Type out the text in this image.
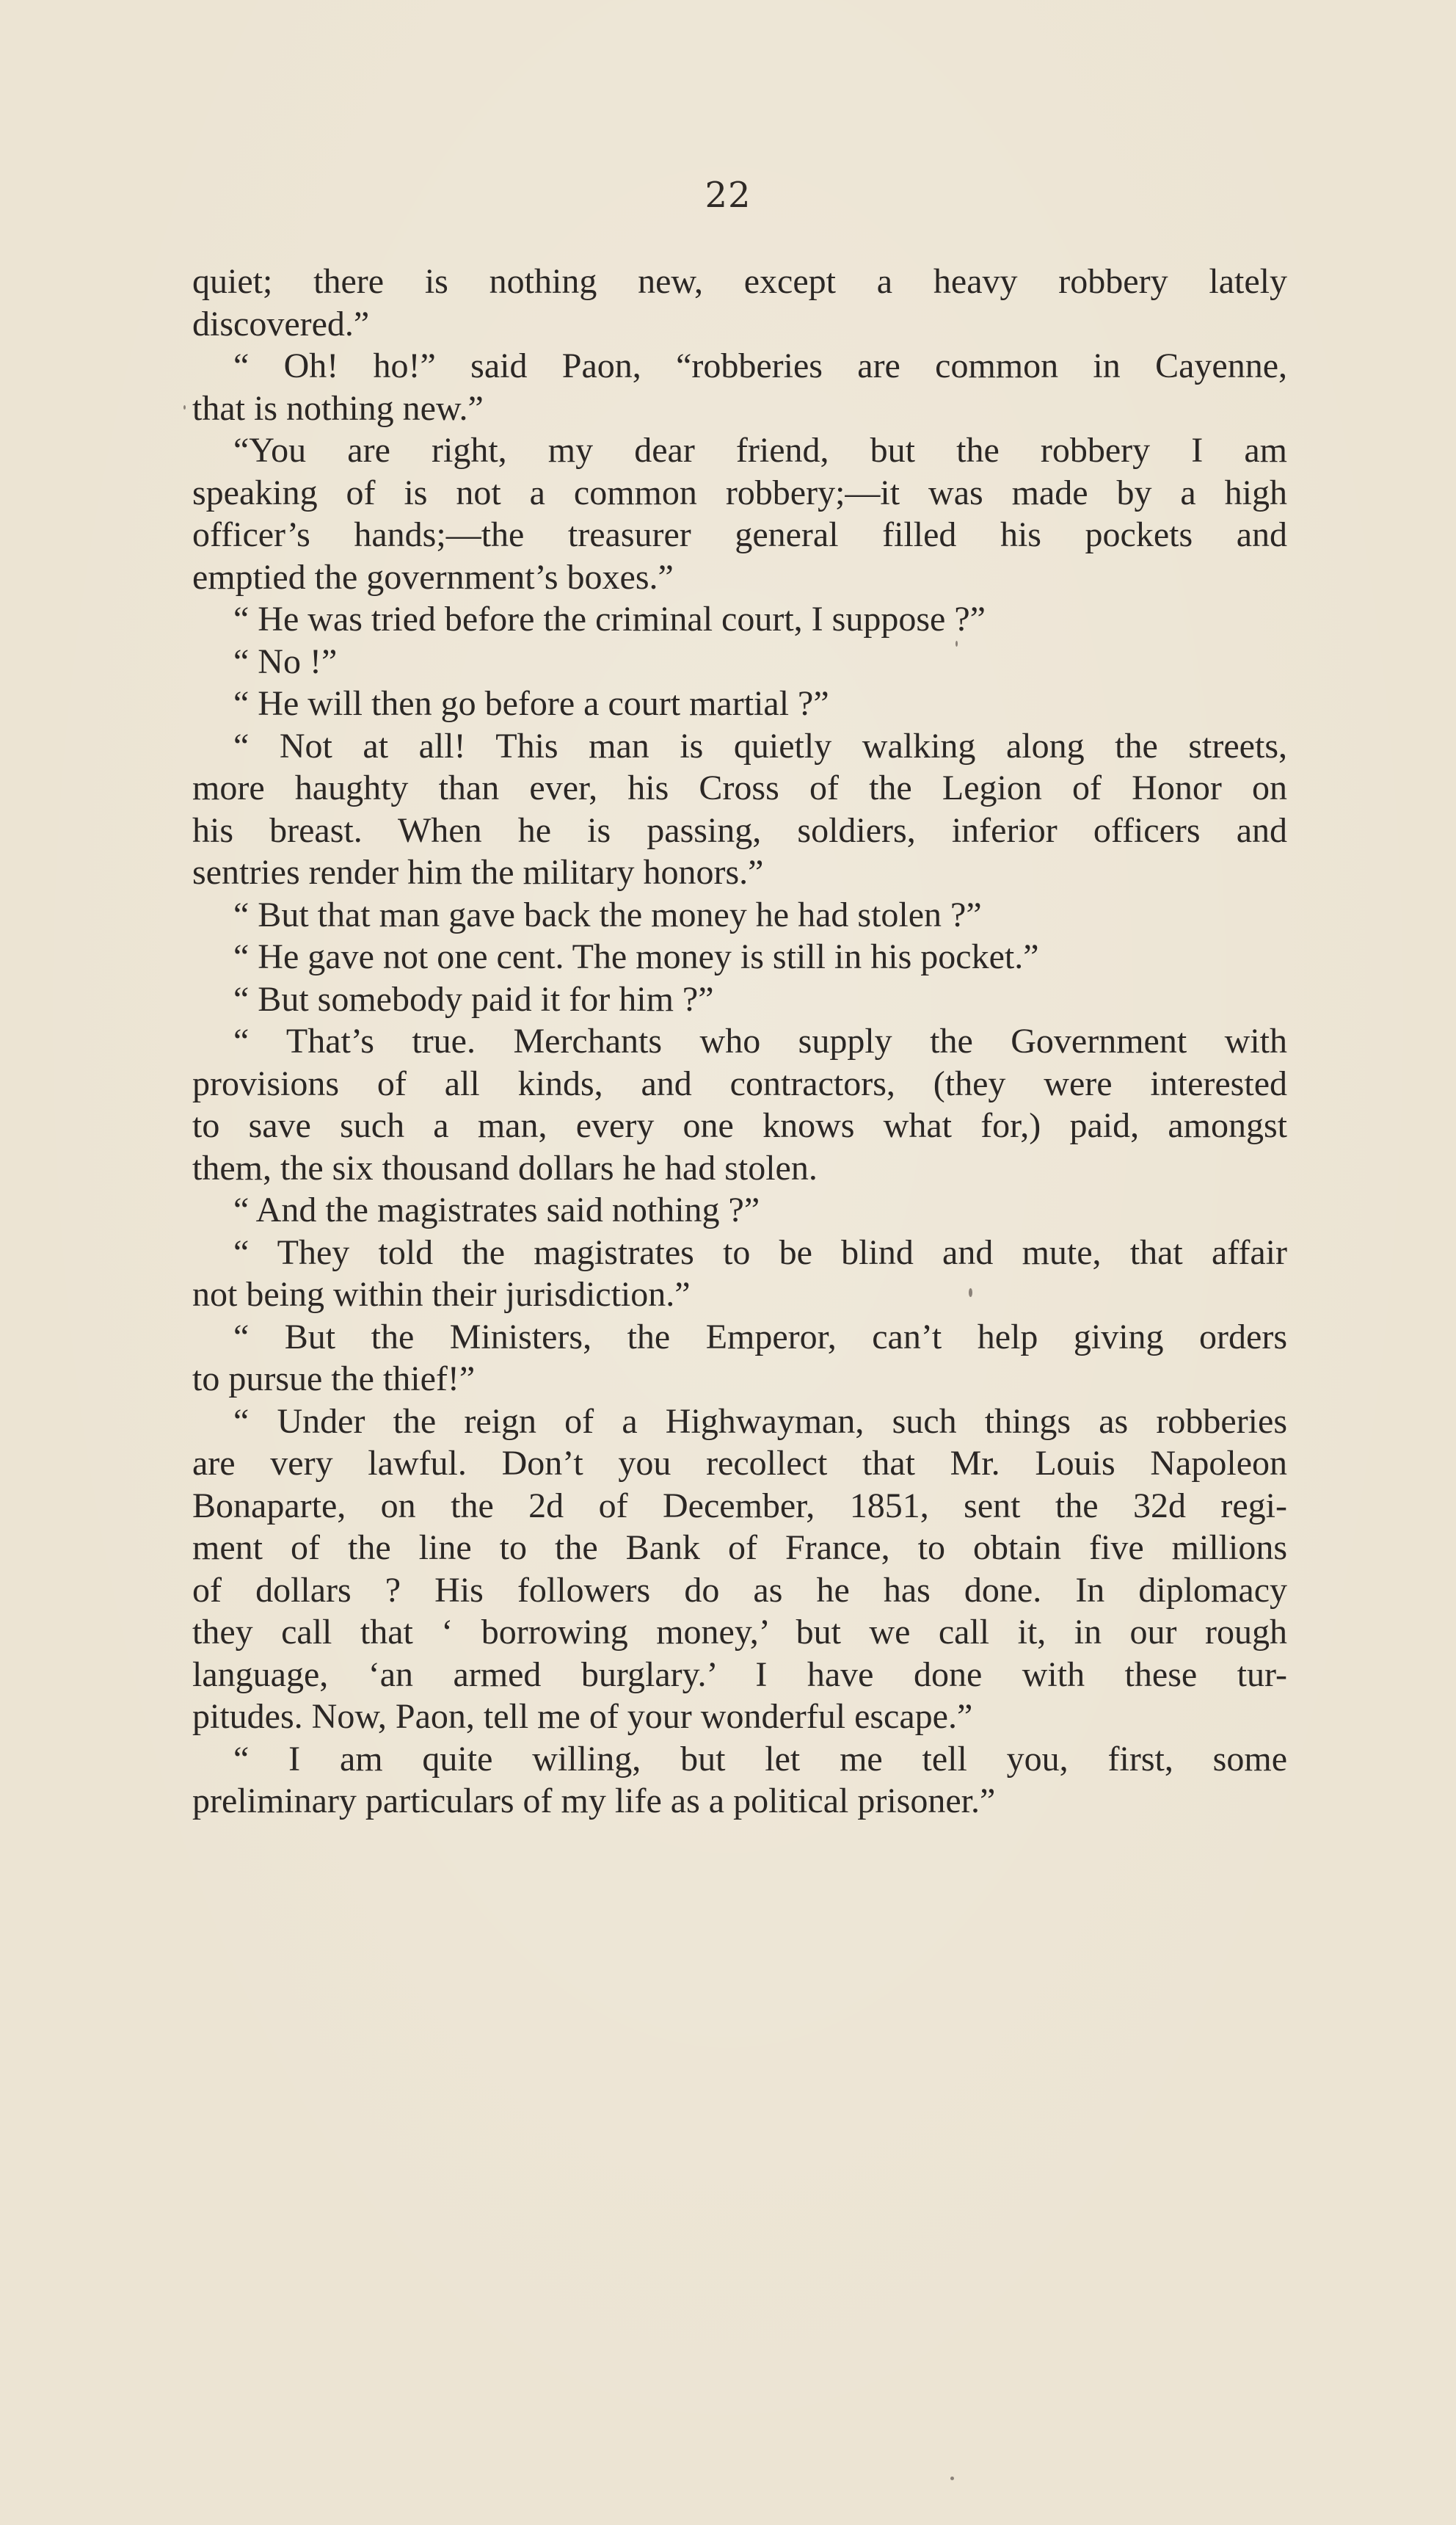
22
quiet; there is nothing new, except a heavy robbery lately
discovered.”
“ Oh! ho!” said Paon, “robberies are common in Cayenne,
that is nothing new.”
“You are right, my dear friend, but the robbery I am
speaking of is not a common robbery;—it was made by a high
officer’s hands;—the treasurer general filled his pockets and
emptied the government’s boxes.”
“ He was tried before the criminal court, I suppose ?”
“ No !”
“ He will then go before a court martial ?”
“ Not at all! This man is quietly walking along the streets,
more haughty than ever, his Cross of the Legion of Honor on
his breast. When he is passing, soldiers, inferior officers and
sentries render him the military honors.”
“ But that man gave back the money he had stolen ?”
“ He gave not one cent. The money is still in his pocket.”
“ But somebody paid it for him ?”
“ That’s true. Merchants who supply the Government with
provisions of all kinds, and contractors, (they were interested
to save such a man, every one knows what for,) paid, amongst
them, the six thousand dollars he had stolen.
“ And the magistrates said nothing ?”
“ They told the magistrates to be blind and mute, that affair
not being within their jurisdiction.”
“ But the Ministers, the Emperor, can’t help giving orders
to pursue the thief!”
“ Under the reign of a Highwayman, such things as robberies
are very lawful. Don’t you recollect that Mr. Louis Napoleon
Bonaparte, on the 2d of December, 1851, sent the 32d regi-
ment of the line to the Bank of France, to obtain five millions
of dollars ? His followers do as he has done. In diplomacy
they call that ‘ borrowing money,’ but we call it, in our rough
language, ‘an armed burglary.’ I have done with these tur-
pitudes. Now, Paon, tell me of your wonderful escape.”
“ I am quite willing, but let me tell you, first, some
preliminary particulars of my life as a political prisoner.”
